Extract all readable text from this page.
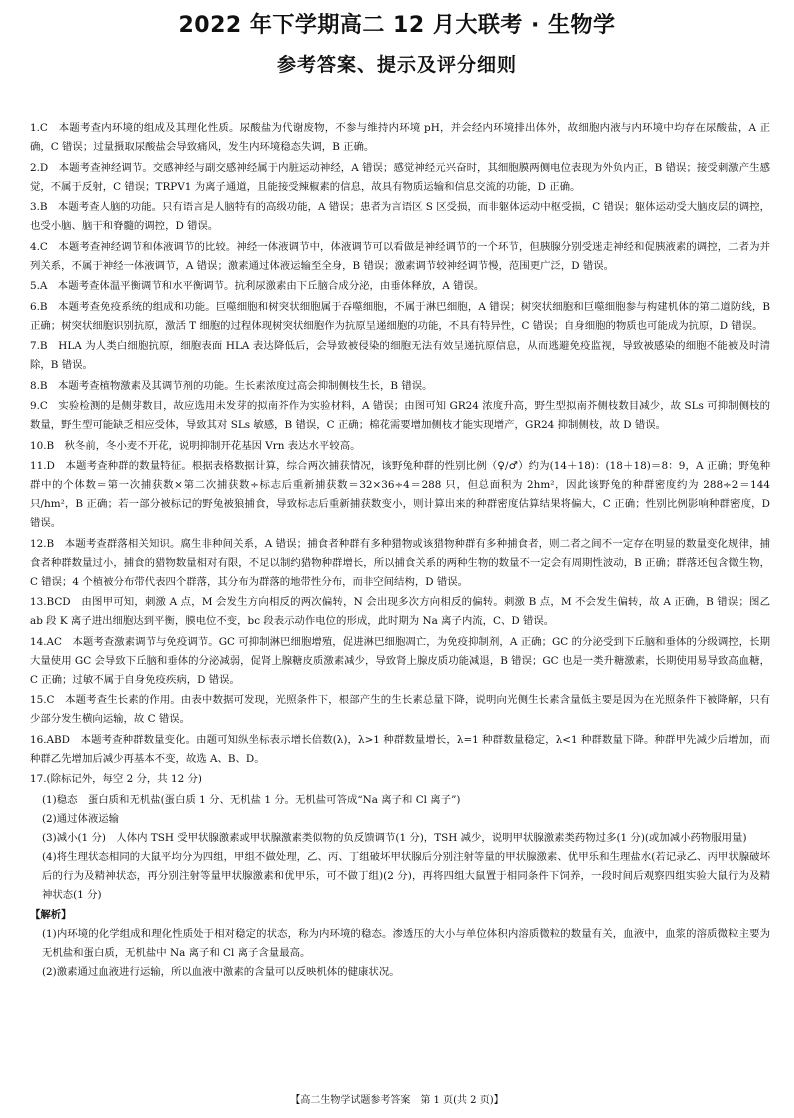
2022 年下学期高二 12 月大联考 · 生物学
参考答案、提示及评分细则

1.C　本题考查内环境的组成及其理化性质。尿酸盐为代谢废物，不参与维持内环境 pH，并会经内环境排出体外，故细胞内液与内环境中均存在尿酸盐，A 正确，C 错误；过量摄取尿酸盐会导致痛风，发生内环境稳态失调，B 正确。

2.D　本题考查神经调节。交感神经与副交感神经属于内脏运动神经，A 错误；感觉神经元兴奋时，其细胞膜两侧电位表现为外负内正，B 错误；接受刺激产生感觉，不属于反射，C 错误；TRPV1 为离子通道，且能接受辣椒素的信息，故具有物质运输和信息交流的功能，D 正确。

3.B　本题考查人脑的功能。只有语言是人脑特有的高级功能，A 错误；患者为言语区 S 区受损，而非躯体运动中枢受损，C 错误；躯体运动受大脑皮层的调控，也受小脑、脑干和脊髓的调控，D 错误。

4.C　本题考查神经调节和体液调节的比较。神经一体液调节中，体液调节可以看做是神经调节的一个环节，但胰腺分别受迷走神经和促胰液素的调控，二者为并列关系，不属于神经一体液调节，A 错误；激素通过体液运输至全身，B 错误；激素调节较神经调节慢，范围更广泛，D 错误。

5.A　本题考查体温平衡调节和水平衡调节。抗利尿激素由下丘脑合成分泌，由垂体释放，A 错误。

6.B　本题考查免疫系统的组成和功能。巨噬细胞和树突状细胞属于吞噬细胞，不属于淋巴细胞，A 错误；树突状细胞和巨噬细胞参与构建机体的第二道防线，B 正确；树突状细胞识别抗原，激活 T 细胞的过程体现树突状细胞作为抗原呈递细胞的功能，不具有特异性，C 错误；自身细胞的物质也可能成为抗原，D 错误。

7.B　HLA 为人类白细胞抗原，细胞表面 HLA 表达降低后，会导致被侵染的细胞无法有效呈递抗原信息，从而逃避免疫监视，导致被感染的细胞不能被及时清除，B 错误。

8.B　本题考查植物激素及其调节剂的功能。生长素浓度过高会抑制侧枝生长，B 错误。

9.C　实验检测的是侧芽数目，故应选用未发芽的拟南芥作为实验材料，A 错误；由图可知 GR24 浓度升高，野生型拟南芥侧枝数目减少，故 SLs 可抑制侧枝的数量，野生型可能缺乏相应受体，导致其对 SLs 敏感，B 错误，C 正确；棉花需要增加侧枝才能实现增产，GR24 抑制侧枝，故 D 错误。

10.B　秋冬前，冬小麦不开花，说明抑制开花基因 Vrn 表达水平较高。

11.D　本题考查种群的数量特征。根据表格数据计算，综合两次捕获情况，该野兔种群的性别比例（♀/♂）约为(14＋18)：(18＋18)＝8：9，A 正确；野兔种群中的个体数＝第一次捕获数×第二次捕获数÷标志后重新捕获数＝32×36÷4＝288 只，但总面积为 2hm²，因此该野兔的种群密度约为 288÷2＝144 只/hm²，B 正确；若一部分被标记的野兔被狼捕食，导致标志后重新捕获数变小，则计算出来的种群密度估算结果将偏大，C 正确；性别比例影响种群密度，D 错误。

12.B　本题考查群落相关知识。腐生非种间关系，A 错误；捕食者种群有多种猎物或该猎物种群有多种捕食者，则二者之间不一定存在明显的数量变化规律，捕食者种群数量过小，捕食的猎物数量相对有限，不足以制约猎物种群增长，所以捕食关系的两种生物的数量不一定会有周期性波动，B 正确；群落还包含微生物，C 错误；4 个植被分布带代表四个群落，其分布为群落的地带性分布，而非空间结构，D 错误。

13.BCD　由图甲可知，刺激 A 点，M 会发生方向相反的两次偏转，N 会出现多次方向相反的偏转。刺激 B 点，M 不会发生偏转，故 A 正确，B 错误；图乙 ab 段 K 离子进出细胞达到平衡，膜电位不变，bc 段表示动作电位的形成，此时期为 Na 离子内流，C、D 错误。

14.AC　本题考查激素调节与免疫调节。GC 可抑制淋巴细胞增殖，促进淋巴细胞凋亡，为免疫抑制剂，A 正确；GC 的分泌受到下丘脑和垂体的分级调控，长期大量使用 GC 会导致下丘脑和垂体的分泌减弱，促肾上腺糖皮质激素减少，导致肾上腺皮质功能减退，B 错误；GC 也是一类升糖激素，长期使用易导致高血糖，C 正确；过敏不属于自身免疫疾病，D 错误。

15.C　本题考查生长素的作用。由表中数据可发现，光照条件下，根部产生的生长素总量下降，说明向光侧生长素含量低主要是因为在光照条件下被降解，只有少部分发生横向运输，故 C 错误。

16.ABD　本题考查种群数量变化。由题可知纵坐标表示增长倍数(λ)，λ>1 种群数量增长，λ=1 种群数量稳定，λ<1 种群数量下降。种群甲先减少后增加，而种群乙先增加后减少再基本不变，故选 A、B、D。

17.(除标记外，每空 2 分，共 12 分)

(1)稳态　蛋白质和无机盐(蛋白质 1 分、无机盐 1 分。无机盐可答成“Na 离子和 Cl 离子”)

(2)通过体液运输

(3)减小(1 分)　人体内 TSH 受甲状腺激素或甲状腺激素类似物的负反馈调节(1 分)，TSH 减少，说明甲状腺激素类药物过多(1 分)(或加减小药物服用量)

(4)将生理状态相同的大鼠平均分为四组，甲组不做处理，乙、丙、丁组破坏甲状腺后分别注射等量的甲状腺激素、优甲乐和生理盐水(若记录乙、丙甲状腺破坏后的行为及精神状态，再分别注射等量甲状腺激素和优甲乐，可不做丁组)(2 分)，再将四组大鼠置于相同条件下饲养，一段时间后观察四组实验大鼠行为及精神状态(1 分)

【解析】

(1)内环境的化学组成和理化性质处于相对稳定的状态，称为内环境的稳态。渗透压的大小与单位体积内溶质微粒的数量有关，血液中，血浆的溶质微粒主要为无机盐和蛋白质，无机盐中 Na 离子和 Cl 离子含量最高。

(2)激素通过血液进行运输，所以血液中激素的含量可以反映机体的健康状况。

【高二生物学试题参考答案　第 1 页(共 2 页)】
